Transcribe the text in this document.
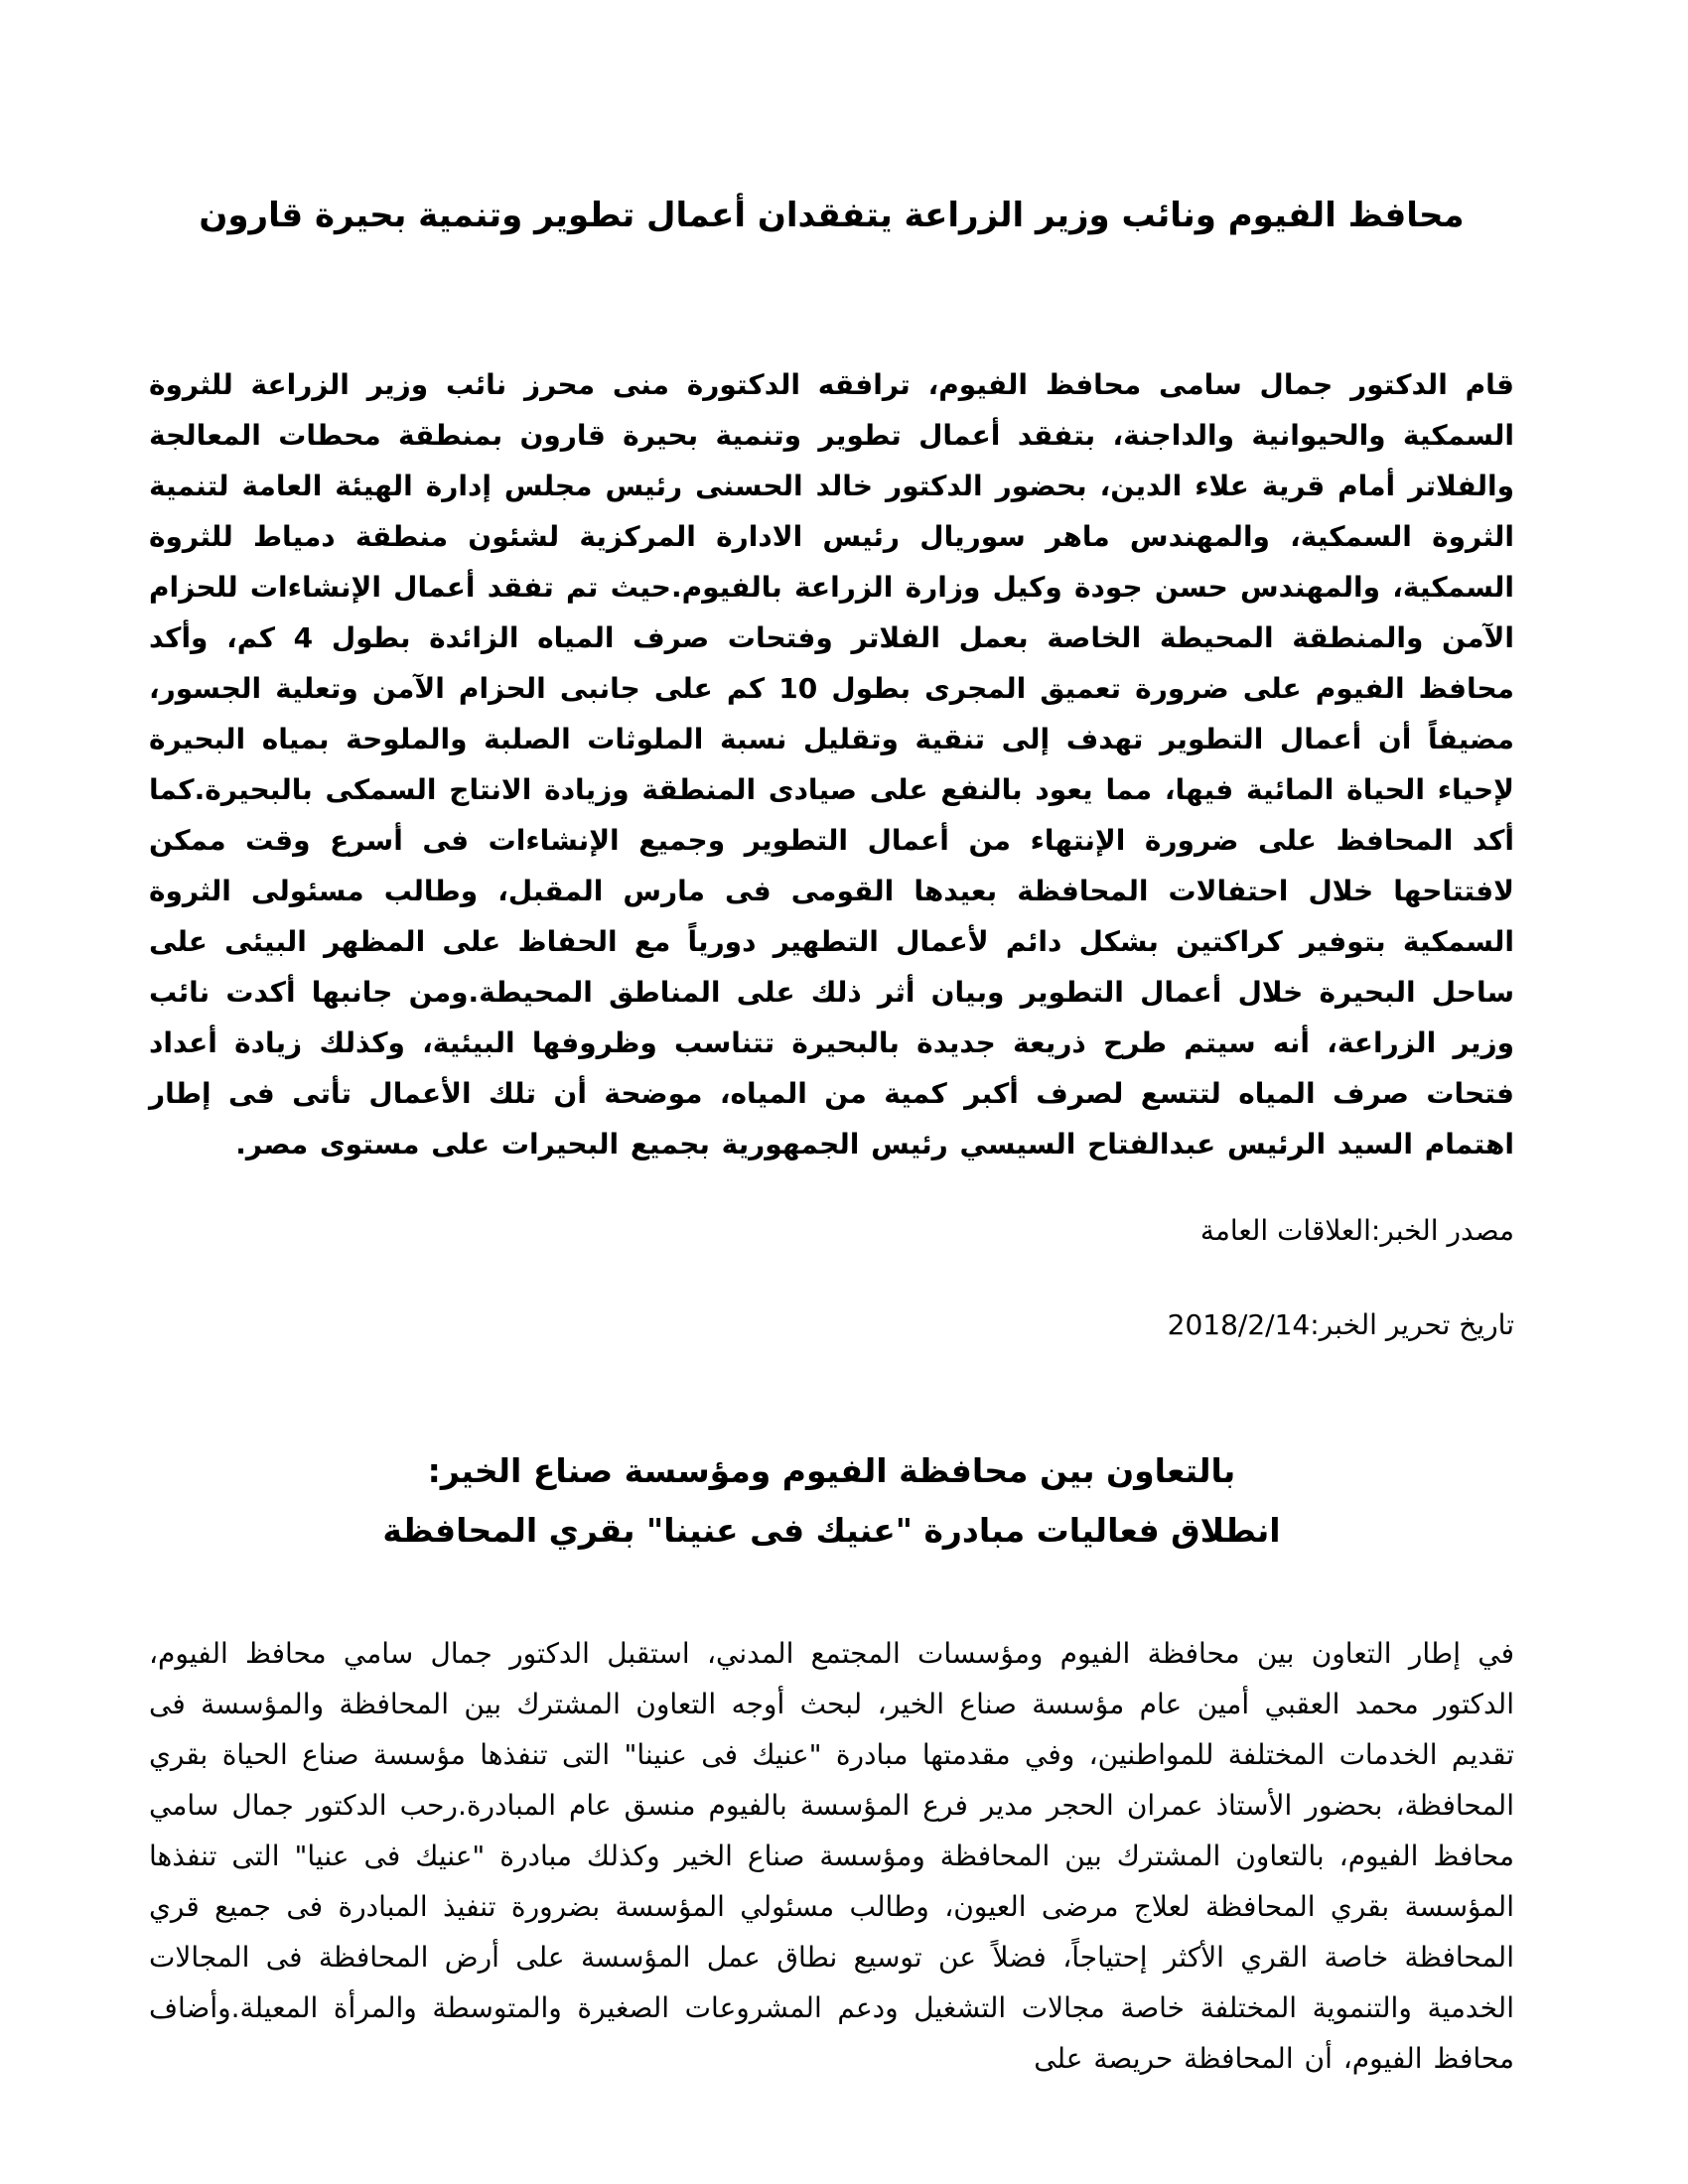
محافظ الفيوم ونائب وزير الزراعة يتفقدان أعمال تطوير وتنمية بحيرة قارون

قام الدكتور جمال سامى محافظ الفيوم، ترافقه الدكتورة منى محرز نائب وزير الزراعة للثروة السمكية والحيوانية والداجنة، بتفقد أعمال تطوير وتنمية بحيرة قارون بمنطقة محطات المعالجة والفلاتر أمام قرية علاء الدين، بحضور الدكتور خالد الحسنى رئيس مجلس إدارة الهيئة العامة لتنمية الثروة السمكية، والمهندس ماهر سوريال رئيس الادارة المركزية لشئون منطقة دمياط للثروة السمكية، والمهندس حسن جودة وكيل وزارة الزراعة بالفيوم.حيث تم تفقد أعمال الإنشاءات للحزام الآمن والمنطقة المحيطة الخاصة بعمل الفلاتر وفتحات صرف المياه الزائدة بطول 4 كم، وأكد محافظ الفيوم على ضرورة تعميق المجرى بطول 10 كم على جانبى الحزام الآمن وتعلية الجسور، مضيفاً أن أعمال التطوير تهدف إلى تنقية وتقليل نسبة الملوثات الصلبة والملوحة بمياه البحيرة لإحياء الحياة المائية فيها، مما يعود بالنفع على صيادى المنطقة وزيادة الانتاج السمكى بالبحيرة.كما أكد المحافظ على ضرورة الإنتهاء من أعمال التطوير وجميع الإنشاءات فى أسرع وقت ممكن لافتتاحها خلال احتفالات المحافظة بعيدها القومى فى مارس المقبل، وطالب مسئولى الثروة السمكية بتوفير كراكتين بشكل دائم لأعمال التطهير دورياً مع الحفاظ على المظهر البيئى على ساحل البحيرة خلال أعمال التطوير وبيان أثر ذلك على المناطق المحيطة.ومن جانبها أكدت نائب وزير الزراعة، أنه سيتم طرح ذريعة جديدة بالبحيرة تتناسب وظروفها البيئية، وكذلك زيادة أعداد فتحات صرف المياه لتتسع لصرف أكبر كمية من المياه، موضحة أن تلك الأعمال تأتى فى إطار اهتمام السيد الرئيس عبدالفتاح السيسي رئيس الجمهورية بجميع البحيرات على مستوى مصر.

مصدر الخبر:العلاقات العامة

تاريخ تحرير الخبر:2018/2/14

بالتعاون بين محافظة الفيوم ومؤسسة صناع الخير:
انطلاق فعاليات مبادرة "عنيك فى عنينا" بقري المحافظة

في إطار التعاون بين محافظة الفيوم ومؤسسات المجتمع المدني، استقبل الدكتور جمال سامي محافظ الفيوم، الدكتور محمد العقبي أمين عام مؤسسة صناع الخير، لبحث أوجه التعاون المشترك بين المحافظة والمؤسسة فى تقديم الخدمات المختلفة للمواطنين، وفي مقدمتها مبادرة "عنيك فى عنينا" التى تنفذها مؤسسة صناع الحياة بقري المحافظة، بحضور الأستاذ عمران الحجر مدير فرع المؤسسة بالفيوم منسق عام المبادرة.رحب الدكتور جمال سامي محافظ الفيوم، بالتعاون المشترك بين المحافظة ومؤسسة صناع الخير وكذلك مبادرة "عنيك فى عنيا" التى تنفذها المؤسسة بقري المحافظة لعلاج مرضى العيون، وطالب مسئولي المؤسسة بضرورة تنفيذ المبادرة فى جميع قري المحافظة خاصة القري الأكثر إحتياجاً، فضلاً عن توسيع نطاق عمل المؤسسة على أرض المحافظة فى المجالات الخدمية والتنموية المختلفة خاصة مجالات التشغيل ودعم المشروعات الصغيرة والمتوسطة والمرأة المعيلة.وأضاف محافظ الفيوم، أن المحافظة حريصة على
